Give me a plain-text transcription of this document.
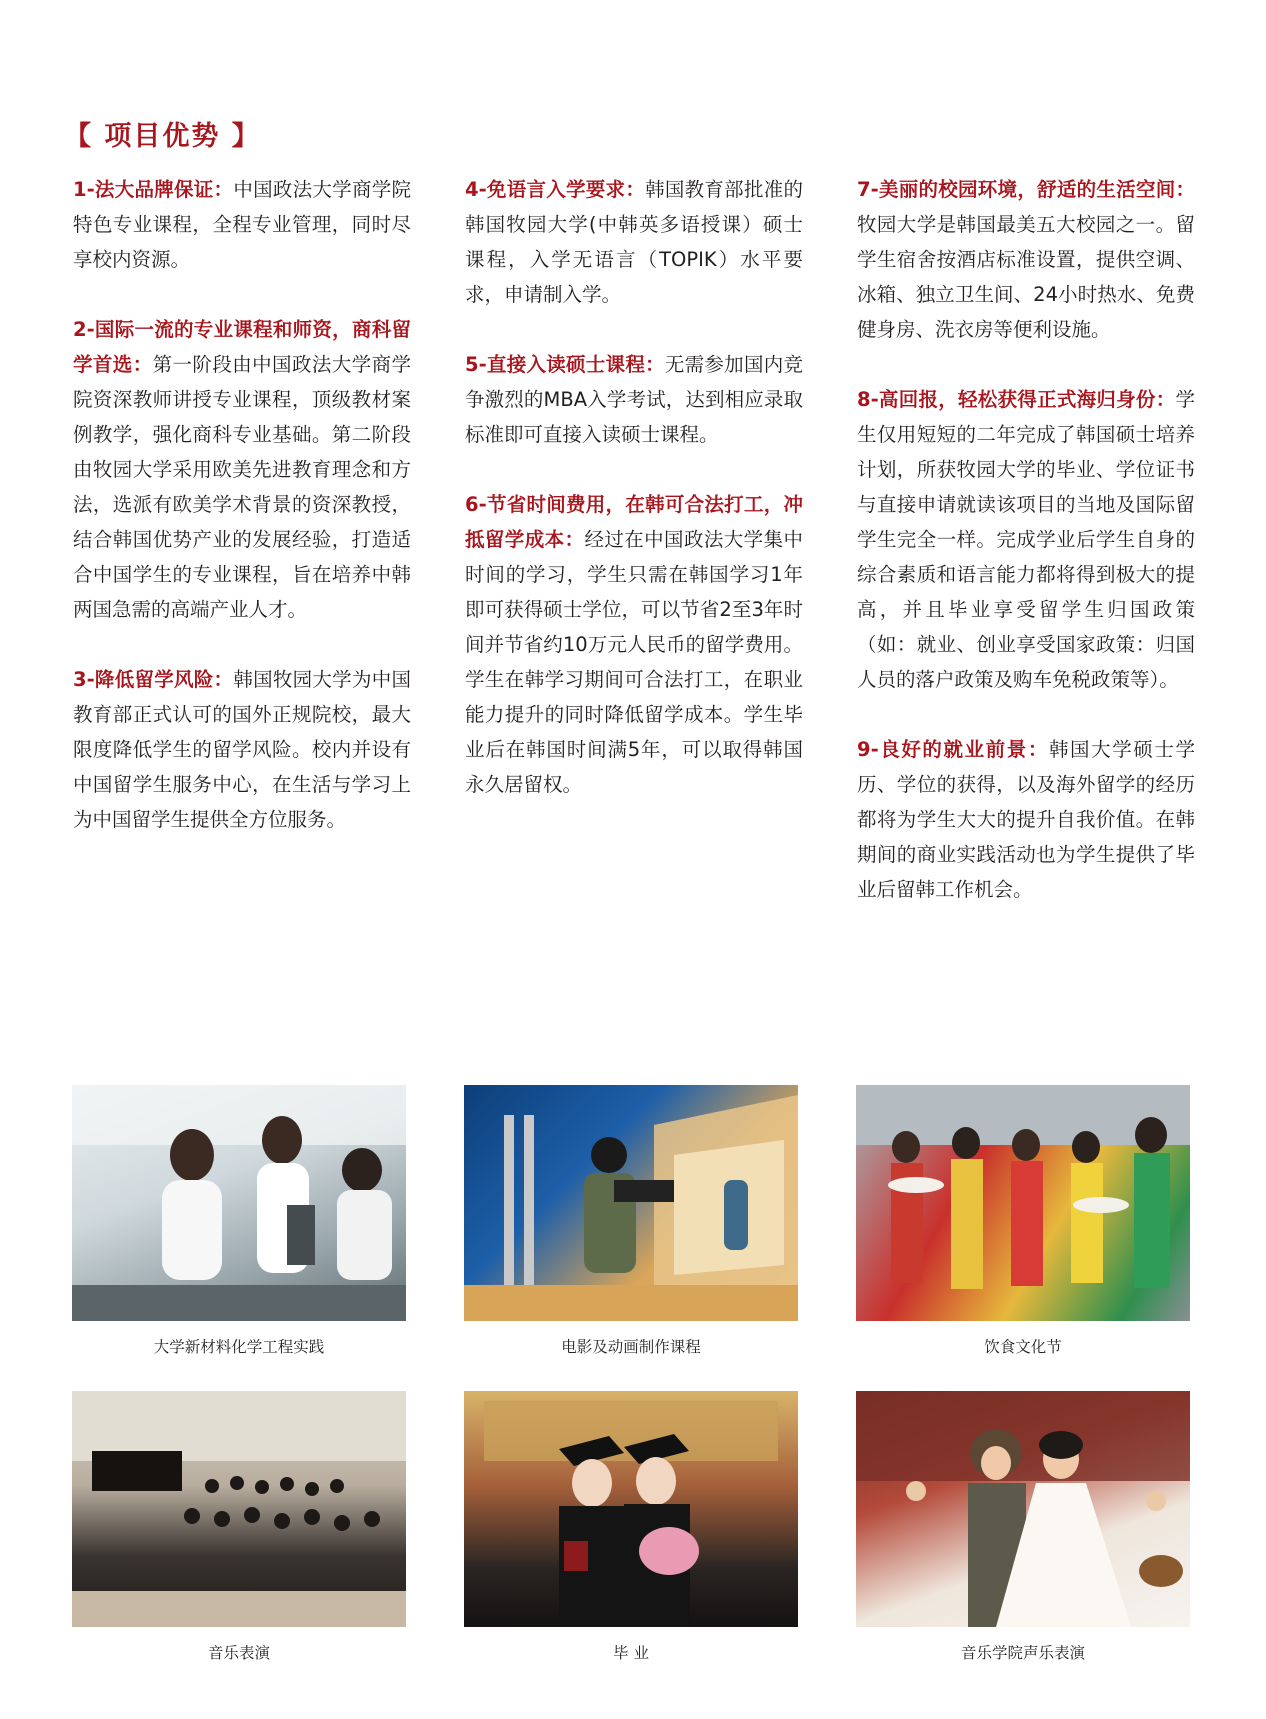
【 项目优势 】

1-法大品牌保证：中国政法大学商学院特色专业课程，全程专业管理，同时尽享校内资源。

2-国际一流的专业课程和师资，商科留学首选：第一阶段由中国政法大学商学院资深教师讲授专业课程，顶级教材案例教学，强化商科专业基础。第二阶段由牧园大学采用欧美先进教育理念和方法，选派有欧美学术背景的资深教授，结合韩国优势产业的发展经验，打造适合中国学生的专业课程，旨在培养中韩两国急需的高端产业人才。

3-降低留学风险：韩国牧园大学为中国教育部正式认可的国外正规院校，最大限度降低学生的留学风险。校内并设有中国留学生服务中心，在生活与学习上为中国留学生提供全方位服务。

4-免语言入学要求：韩国教育部批准的韩国牧园大学(中韩英多语授课）硕士课程，入学无语言（TOPIK）水平要求，申请制入学。

5-直接入读硕士课程：无需参加国内竞争激烈的MBA入学考试，达到相应录取标准即可直接入读硕士课程。

6-节省时间费用，在韩可合法打工，冲抵留学成本：经过在中国政法大学集中时间的学习，学生只需在韩国学习1年即可获得硕士学位，可以节省2至3年时间并节省约10万元人民币的留学费用。学生在韩学习期间可合法打工，在职业能力提升的同时降低留学成本。学生毕业后在韩国时间满5年，可以取得韩国永久居留权。

7-美丽的校园环境，舒适的生活空间：牧园大学是韩国最美五大校园之一。留学生宿舍按酒店标准设置，提供空调、冰箱、独立卫生间、24小时热水、免费健身房、洗衣房等便利设施。

8-高回报，轻松获得正式海归身份：学生仅用短短的二年完成了韩国硕士培养计划，所获牧园大学的毕业、学位证书与直接申请就读该项目的当地及国际留学生完全一样。完成学业后学生自身的综合素质和语言能力都将得到极大的提高，并且毕业享受留学生归国政策（如：就业、创业享受国家政策：归国人员的落户政策及购车免税政策等）。

9-良好的就业前景：韩国大学硕士学历、学位的获得，以及海外留学的经历都将为学生大大的提升自我价值。在韩期间的商业实践活动也为学生提供了毕业后留韩工作机会。

大学新材料化学工程实践	电影及动画制作课程	饮食文化节
音乐表演	毕 业	音乐学院声乐表演
